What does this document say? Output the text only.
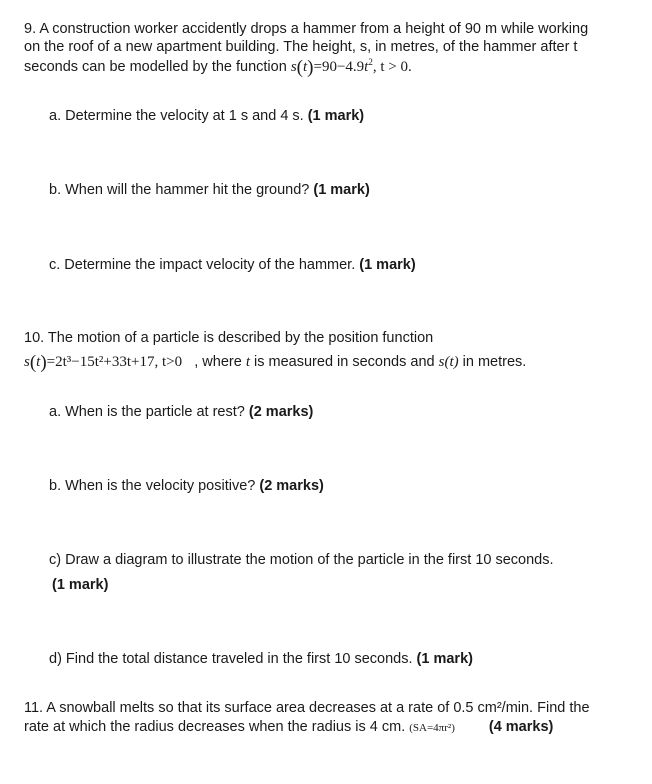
9. A construction worker accidently drops a hammer from a height of 90 m while working
on the roof of a new apartment building. The height, s, in metres, of the hammer after t
seconds can be modelled by the function $s(t)=90-4.9t^2$, t > 0.
a. Determine the velocity at 1 s and 4 s. (1 mark)
b. When will the hammer hit the ground? (1 mark)
c. Determine the impact velocity of the hammer. (1 mark)
10. The motion of a particle is described by the position function
s(t)=2t³−15t²+33t+17, t>0 , where t is measured in seconds and s(t) in metres.
a. When is the particle at rest? (2 marks)
b. When is the velocity positive? (2 marks)
c) Draw a diagram to illustrate the motion of the particle in the first 10 seconds.
(1 mark)
d) Find the total distance traveled in the first 10 seconds. (1 mark)
11. A snowball melts so that its surface area decreases at a rate of 0.5 cm²/min. Find the
rate at which the radius decreases when the radius is 4 cm. (SA=4πr²) (4 marks)
